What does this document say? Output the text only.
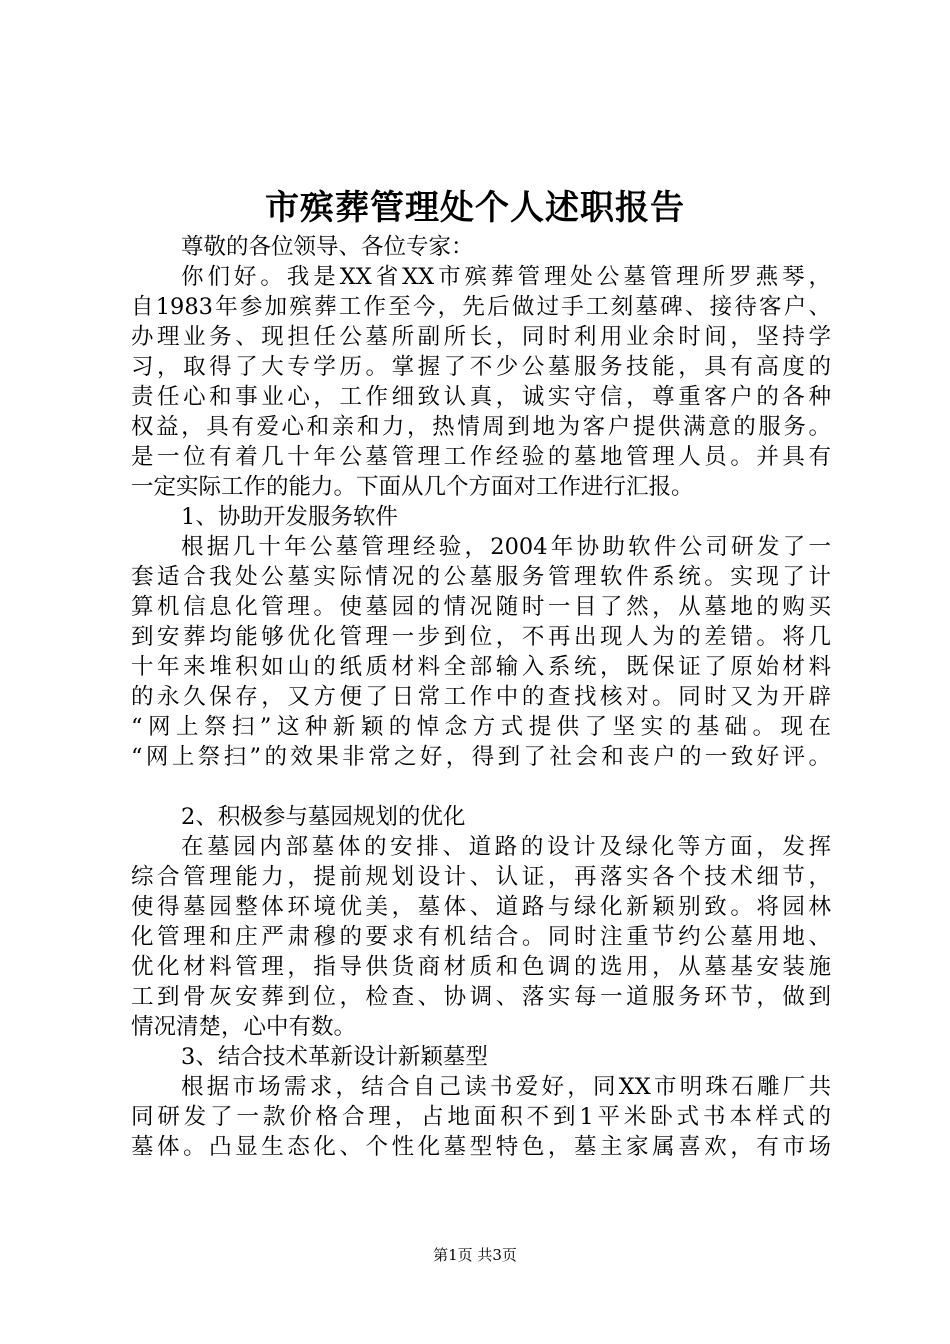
市殡葬管理处个人述职报告
尊敬的各位领导、各位专家：
你们好。我是XX省XX市殡葬管理处公墓管理所罗燕琴，
自1983年参加殡葬工作至今，先后做过手工刻墓碑、接待客户、
办理业务、现担任公墓所副所长，同时利用业余时间，坚持学
习，取得了大专学历。掌握了不少公墓服务技能，具有高度的
责任心和事业心，工作细致认真，诚实守信，尊重客户的各种
权益，具有爱心和亲和力，热情周到地为客户提供满意的服务。
是一位有着几十年公墓管理工作经验的墓地管理人员。并具有
一定实际工作的能力。下面从几个方面对工作进行汇报。
1、协助开发服务软件
根据几十年公墓管理经验，2004年协助软件公司研发了一
套适合我处公墓实际情况的公墓服务管理软件系统。实现了计
算机信息化管理。使墓园的情况随时一目了然，从墓地的购买
到安葬均能够优化管理一步到位，不再出现人为的差错。将几
十年来堆积如山的纸质材料全部输入系统，既保证了原始材料
的永久保存，又方便了日常工作中的查找核对。同时又为开辟
“网上祭扫”这种新颖的悼念方式提供了坚实的基础。现在
“网上祭扫”的效果非常之好，得到了社会和丧户的一致好评。
2、积极参与墓园规划的优化
在墓园内部墓体的安排、道路的设计及绿化等方面，发挥
综合管理能力，提前规划设计、认证，再落实各个技术细节，
使得墓园整体环境优美，墓体、道路与绿化新颖别致。将园林
化管理和庄严肃穆的要求有机结合。同时注重节约公墓用地、
优化材料管理，指导供货商材质和色调的选用，从墓基安装施
工到骨灰安葬到位，检查、协调、落实每一道服务环节，做到
情况清楚，心中有数。
3、结合技术革新设计新颖墓型
根据市场需求，结合自己读书爱好，同XX市明珠石雕厂共
同研发了一款价格合理，占地面积不到1平米卧式书本样式的
墓体。凸显生态化、个性化墓型特色，墓主家属喜欢，有市场
第1页 共3页
